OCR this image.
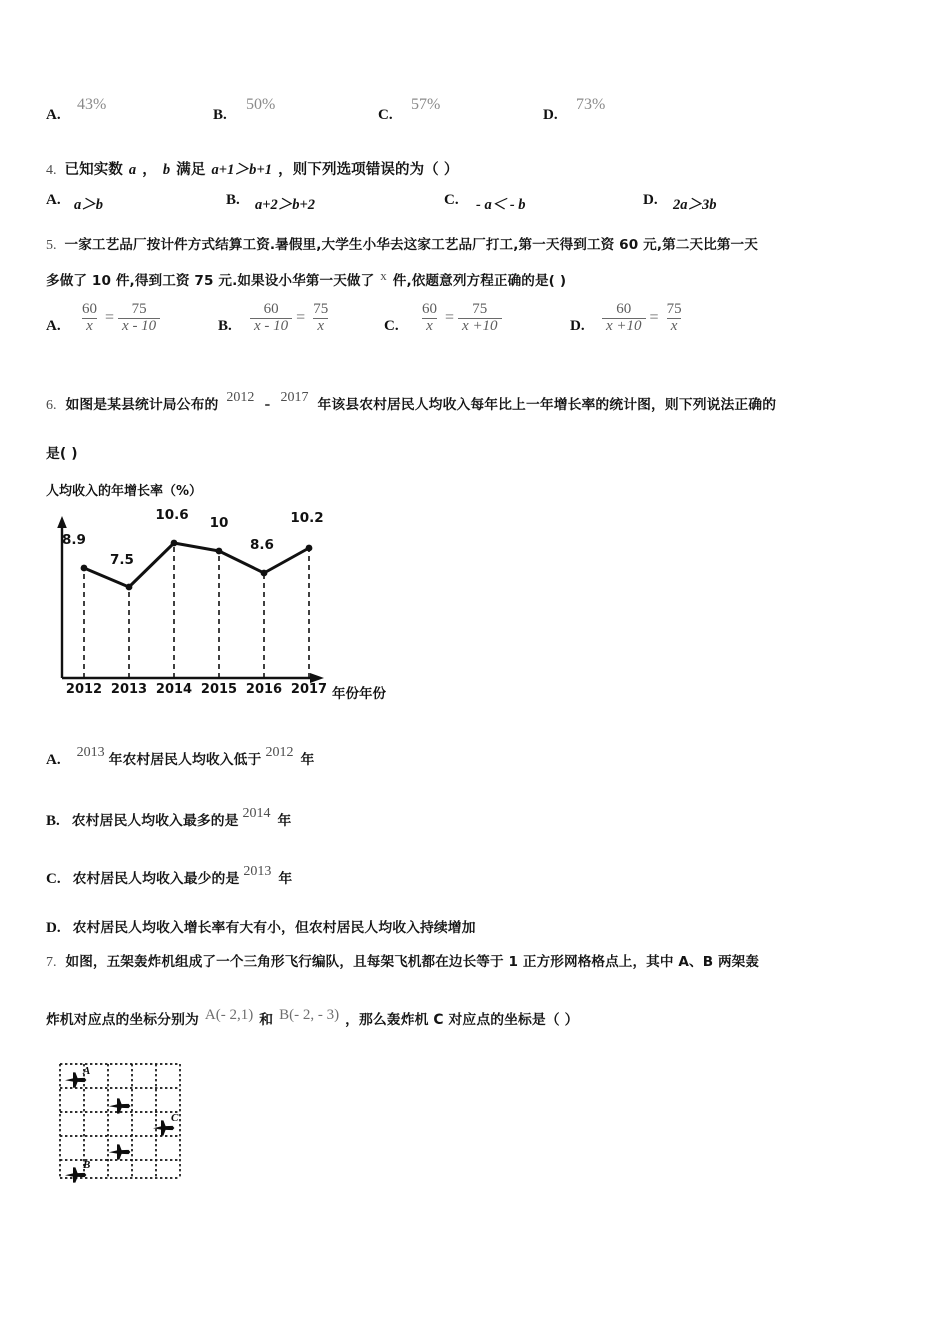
A.
43%
B.
50%
C.
57%
D.
73%
4. 已知实数 a ， b 满足 a+1＞b+1 ，则下列选项错误的为（ ）
A. a＞b	B. a+2＞b+2	C. - a＜ - b	D. 2a＞3b
5. 一家工艺品厂按计件方式结算工资.暑假里,大学生小华去这家工艺品厂打工,第一天得到工资 60 元,第二天比第一天
多做了 10 件,得到工资 75 元.如果设小华第一天做了 $^x$ 件,依题意列方程正确的是( )
A. $\frac{60}{x} = \frac{75}{x - 10}$	B. $\frac{60}{x - 10} = \frac{75}{x}$	C. $\frac{60}{x} = \frac{75}{x +10}$	D. $\frac{60}{x +10} = \frac{75}{x}$
6. 如图是某县统计局公布的 2012 - 2017 年该县农村居民人均收入每年比上一年增长率的统计图，则下列说法正确的
是( )
人均收入的年增长率（%）
8.9
7.5
10.6 10
8.6
10.2
2012 2013 2014 2015 2016 2017 年份年份
A. 2013 年农村居民人均收入低于 2012 年
B. 农村居民人均收入最多的是 2014 年
C. 农村居民人均收入最少的是 2013 年
D. 农村居民人均收入增长率有大有小，但农村居民人均收入持续增加
7. 如图，五架轰炸机组成了一个三角形飞行编队，且每架飞机都在边长等于 1 正方形网格格点上，其中 A、B 两架轰
炸机对应点的坐标分别为 A(- 2,1) 和 B(- 2, - 3) ，那么轰炸机 C 对应点的坐标是（ ）
A
C
B
